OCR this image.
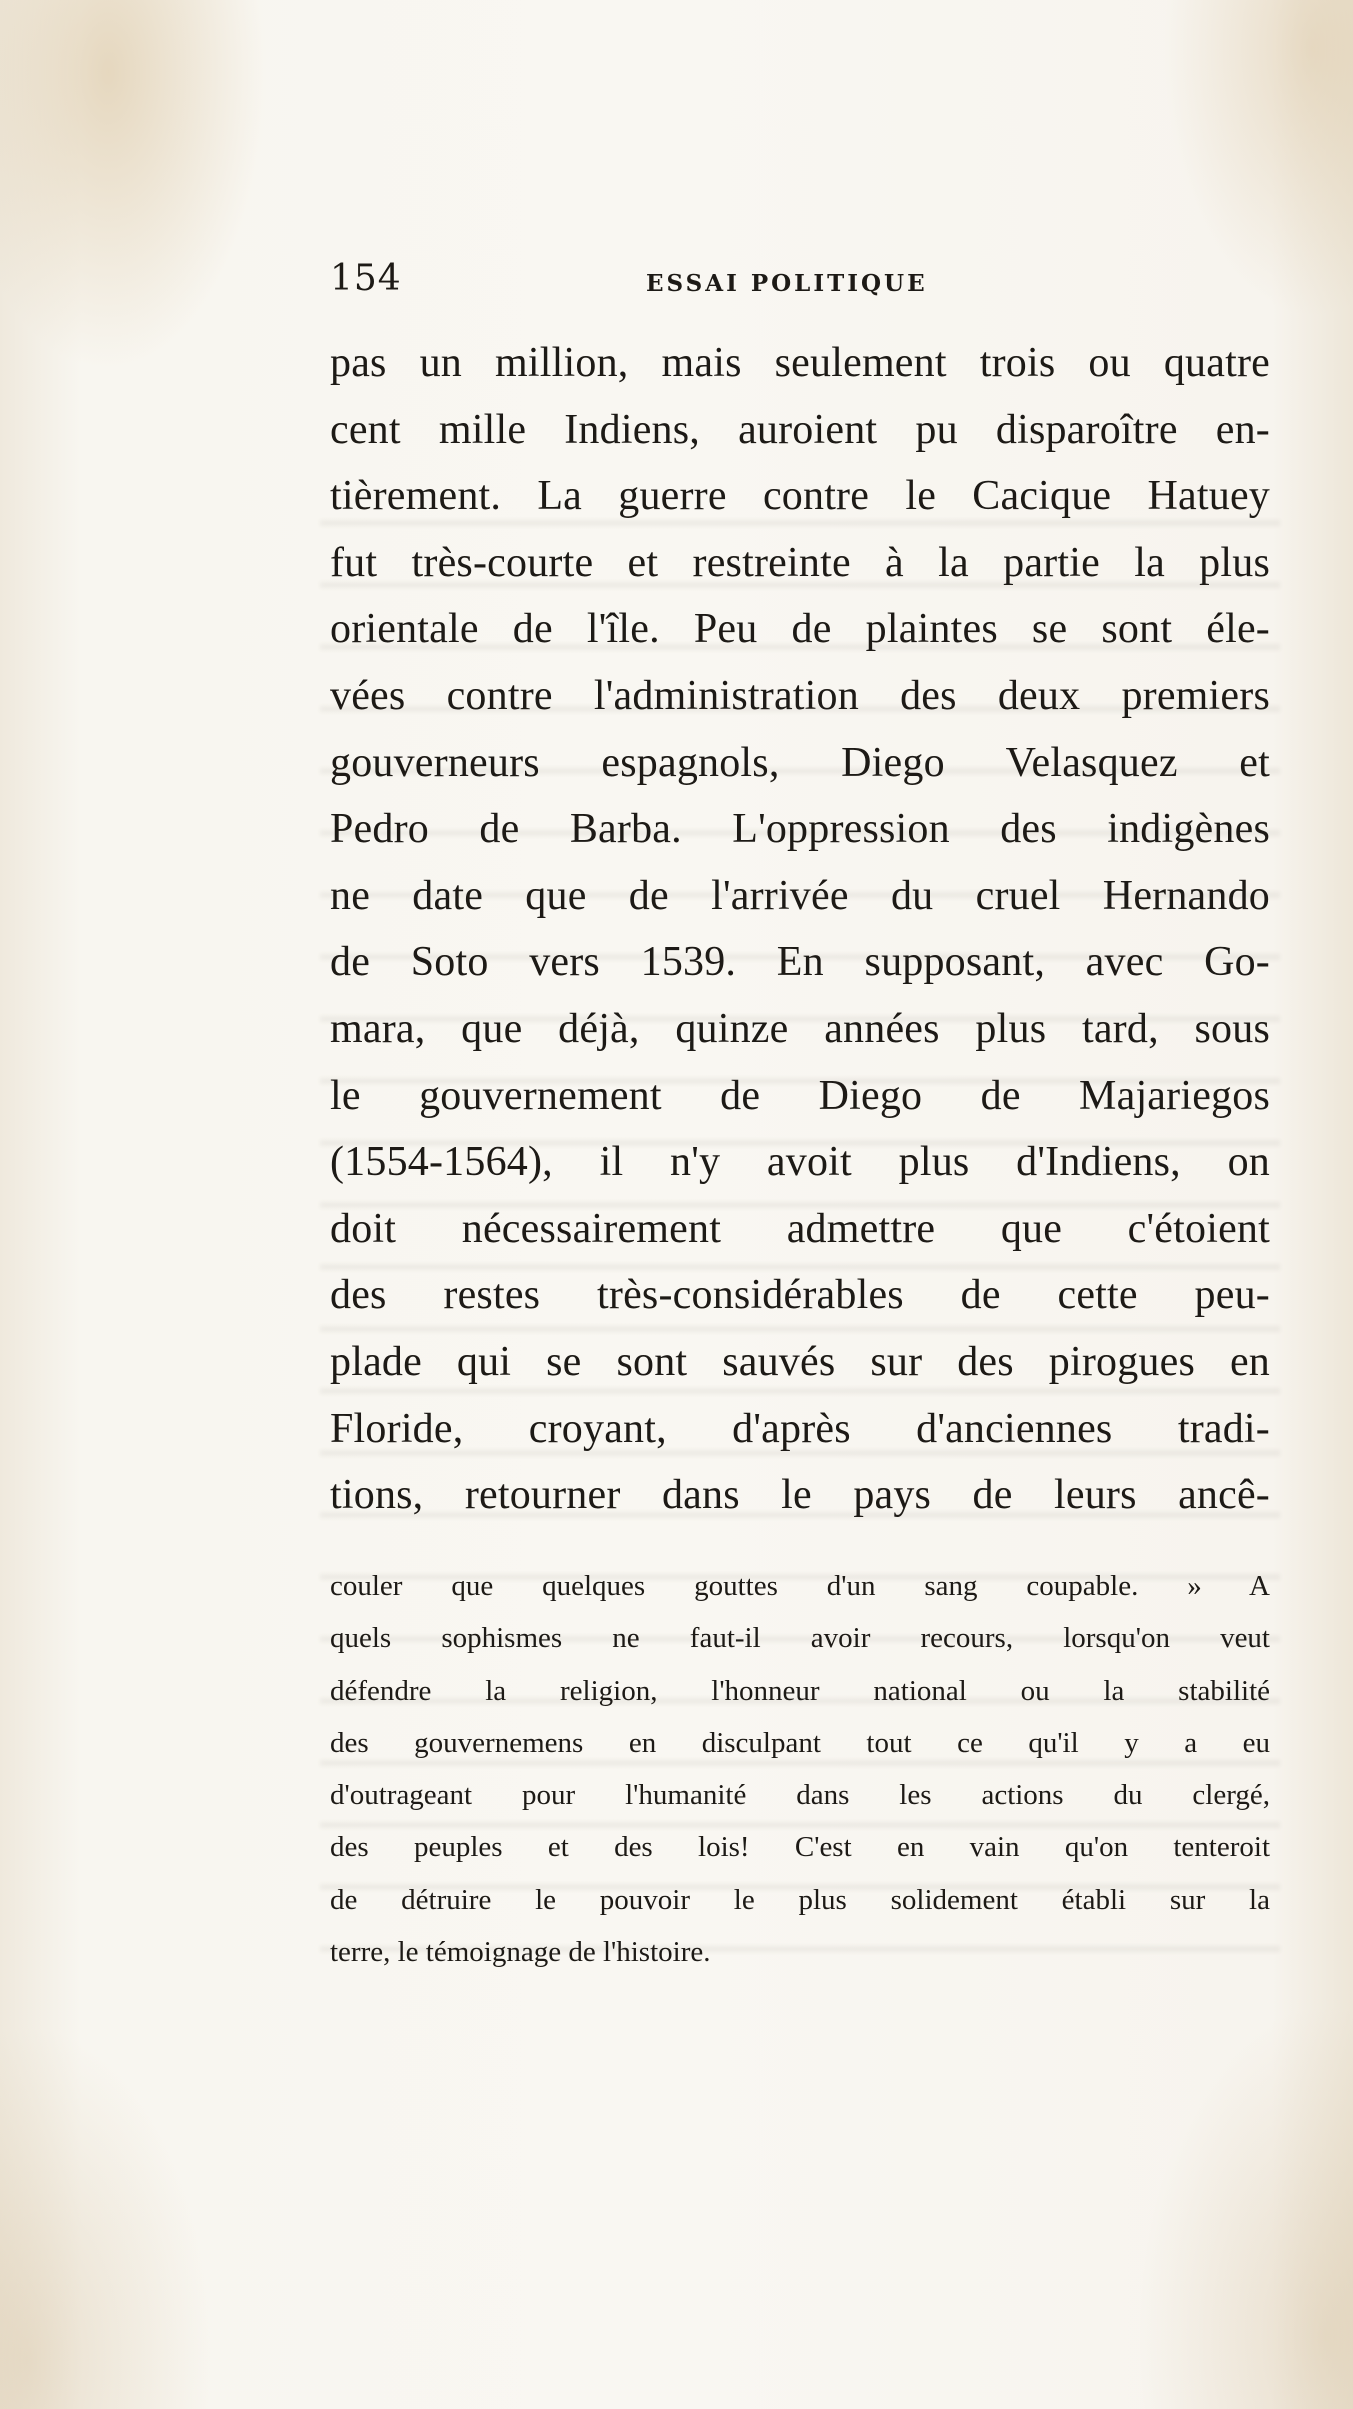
154	ESSAI POLITIQUE
pas un million, mais seulement trois ou quatre
cent mille Indiens, auroient pu disparoître en-
tièrement. La guerre contre le Cacique Hatuey
fut très-courte et restreinte à la partie la plus
orientale de l'île. Peu de plaintes se sont éle-
vées contre l'administration des deux premiers
gouverneurs espagnols, Diego Velasquez et
Pedro de Barba. L'oppression des indigènes
ne date que de l'arrivée du cruel Hernando
de Soto vers 1539. En supposant, avec Go-
mara, que déjà, quinze années plus tard, sous
le gouvernement de Diego de Majariegos
(1554-1564), il n'y avoit plus d'Indiens, on
doit nécessairement admettre que c'étoient
des restes très-considérables de cette peu-
plade qui se sont sauvés sur des pirogues en
Floride, croyant, d'après d'anciennes tradi-
tions, retourner dans le pays de leurs ancê-
couler que quelques gouttes d'un sang coupable. » A
quels sophismes ne faut-il avoir recours, lorsqu'on veut
défendre la religion, l'honneur national ou la stabilité
des gouvernemens en disculpant tout ce qu'il y a eu
d'outrageant pour l'humanité dans les actions du clergé,
des peuples et des lois! C'est en vain qu'on tenteroit
de détruire le pouvoir le plus solidement établi sur la
terre, le témoignage de l'histoire.
